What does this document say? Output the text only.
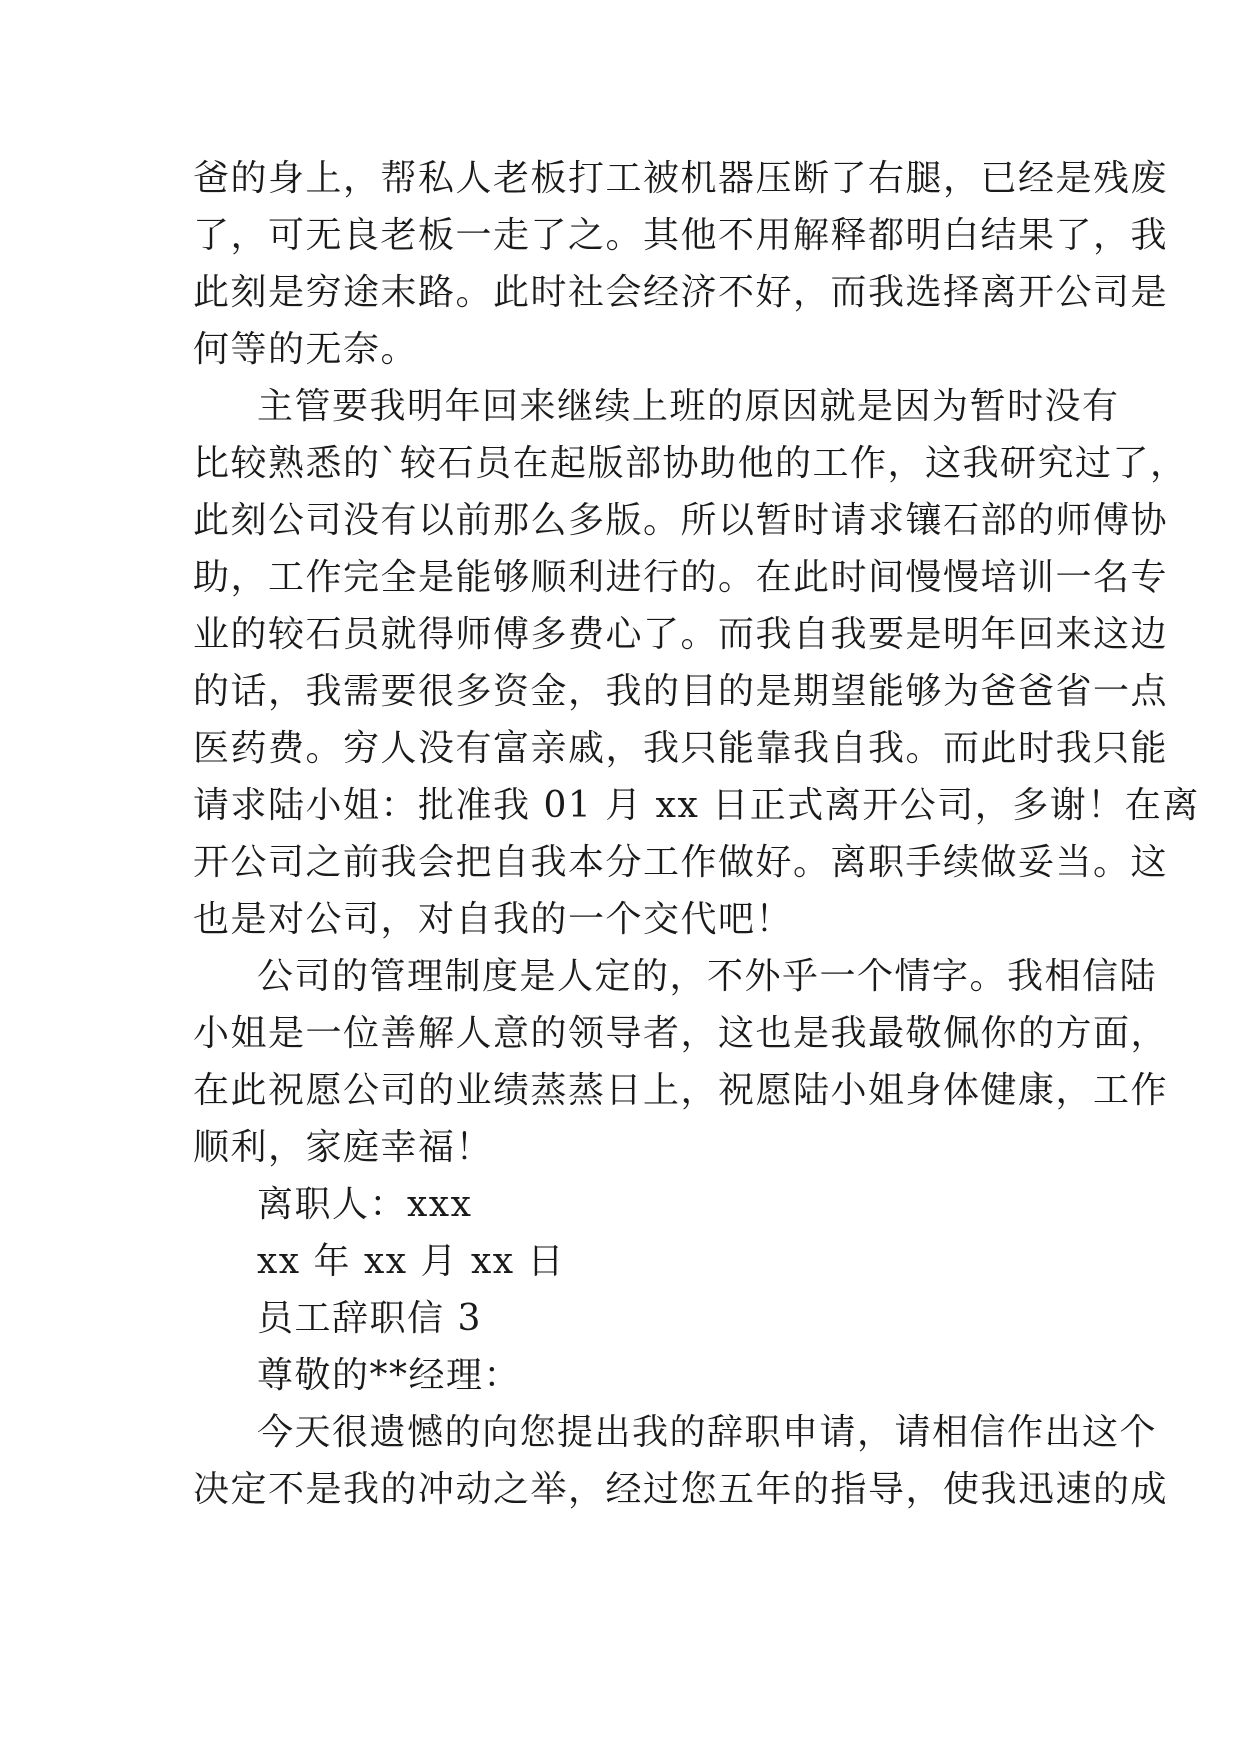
爸的身上，帮私人老板打工被机器压断了右腿，已经是残废
了，可无良老板一走了之。其他不用解释都明白结果了，我
此刻是穷途末路。此时社会经济不好，而我选择离开公司是
何等的无奈。
主管要我明年回来继续上班的原因就是因为暂时没有
比较熟悉的`较石员在起版部协助他的工作，这我研究过了，
此刻公司没有以前那么多版。所以暂时请求镶石部的师傅协
助，工作完全是能够顺利进行的。在此时间慢慢培训一名专
业的较石员就得师傅多费心了。而我自我要是明年回来这边
的话，我需要很多资金，我的目的是期望能够为爸爸省一点
医药费。穷人没有富亲戚，我只能靠我自我。而此时我只能
请求陆小姐：批准我 01 月 xx 日正式离开公司，多谢！在离
开公司之前我会把自我本分工作做好。离职手续做妥当。这
也是对公司，对自我的一个交代吧！
公司的管理制度是人定的，不外乎一个情字。我相信陆
小姐是一位善解人意的领导者，这也是我最敬佩你的方面，
在此祝愿公司的业绩蒸蒸日上，祝愿陆小姐身体健康，工作
顺利，家庭幸福！
离职人：xxx
xx 年 xx 月 xx 日
员工辞职信 3
尊敬的**经理：
今天很遗憾的向您提出我的辞职申请，请相信作出这个
决定不是我的冲动之举，经过您五年的指导，使我迅速的成
